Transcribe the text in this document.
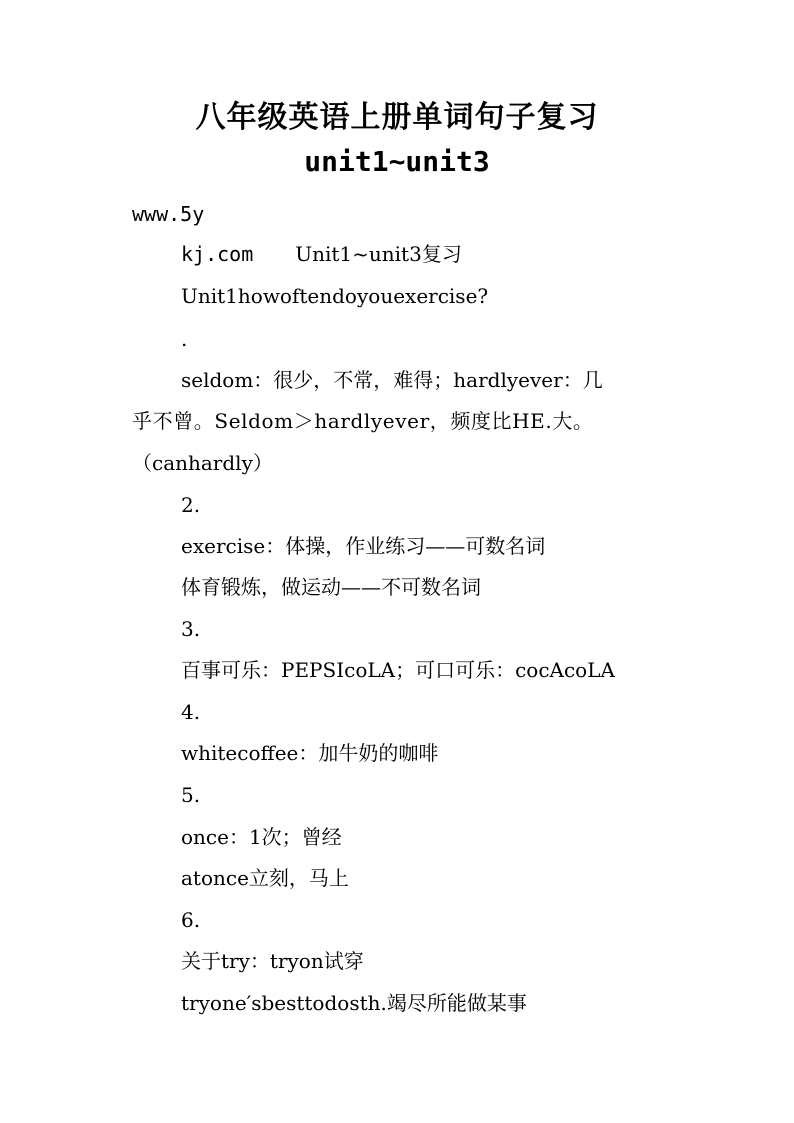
八年级英语上册单词句子复习
unit1~unit3
www.5y
kj.com Unit1~unit3复习
Unit1howoftendoyouexercise?
.
seldom：很少，不常，难得；hardlyever：几
乎不曾。Seldom＞hardlyever，频度比HE.大。
（canhardly）
2.
exercise：体操，作业练习——可数名词
体育锻炼，做运动——不可数名词
3.
百事可乐：PEPSIcoLA；可口可乐：cocAcoLA
4.
whitecoffee：加牛奶的咖啡
5.
once：1次；曾经
atonce立刻，马上
6.
关于try：tryon试穿
tryone′sbesttodosth.竭尽所能做某事
